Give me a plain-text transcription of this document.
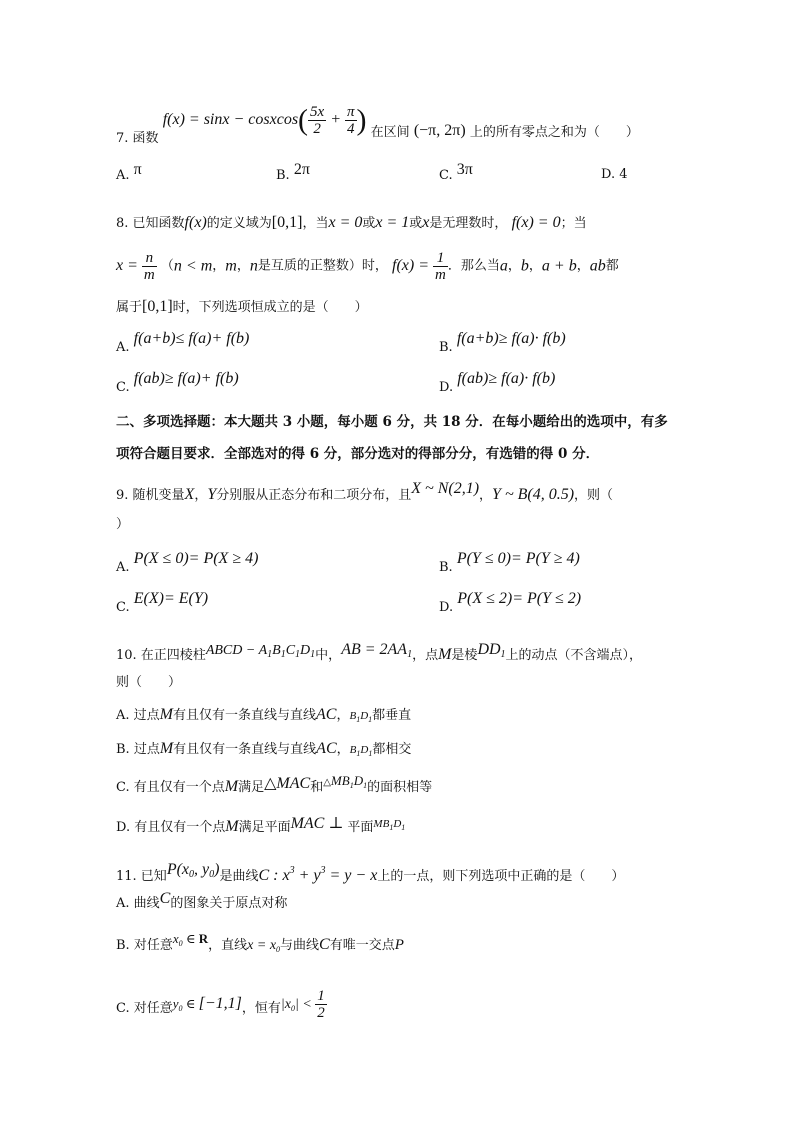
7. 函数 f(x) = sinx − cosxcos( $\frac{5x}{2} + \frac{\pi}{4}$ ) 在区间 (−π, 2π) 上的所有零点之和为（　　）
A. π	B. 2π	C. 3π	D. 4
8. 已知函数f(x)的定义域为[0,1]，当x = 0或x = 1或x是无理数时， f(x) = 0；当
$x = \frac{n}{m} (n < m$，m，n是互质的正整数）时， $f(x) = \frac{1}{m}$ ．那么当a，b，a + b，ab都
属于[0,1]时，下列选项恒成立的是（　　）
A. f(a+b)≤ f(a)+ f(b)
B. f(a+b)≥ f(a)· f(b)
C. f(ab)≥ f(a)+ f(b)
D. f(ab)≥ f(a)· f(b)
二、多项选择题：本大题共 3 小题，每小题 6 分，共 18 分．在每小题给出的选项中，有多
项符合题目要求．全部选对的得 6 分，部分选对的得部分分，有选错的得 0 分．
9. 随机变量X，Y分别服从正态分布和二项分布，且X ~ N(2,1)，Y ~ B(4, 0.5)，则（
）
A. P(X ≤ 0)= P(X ≥ 4)
B. P(Y ≤ 0)= P(Y ≥ 4)
C. E(X)= E(Y)
D. P(X ≤ 2)= P(Y ≤ 2)
10. 在正四棱柱ABCD − $A_1B_1C_1D_1$中，AB = $2AA_1$，点M是棱$DD_1$上的动点（不含端点），
则（　　）
A. 过点M有且仅有一条直线与直线AC，$B_1D_1$都垂直
B. 过点M有且仅有一条直线与直线AC，$B_1D_1$都相交
C. 有且仅有一个点M满足△MAC和$\triangle MB_1D_1$的面积相等
D. 有且仅有一个点M满足平面MAC ⊥ 平面$^{MB_1D_1}$
11. 已知$P(x_0$, $y_0$)是曲线C : $x^3 + y^3 = y - x$上的一点，则下列选项中正确的是（　　）
A. 曲线C的图象关于原点对称
B. 对任意$x_0$ ∈ R，直线$x = x_0$与曲线C有唯一交点P
C. 对任意$y_0$ ∈ [−1,1]，恒有$|x_0| < \frac{1}{2}$
